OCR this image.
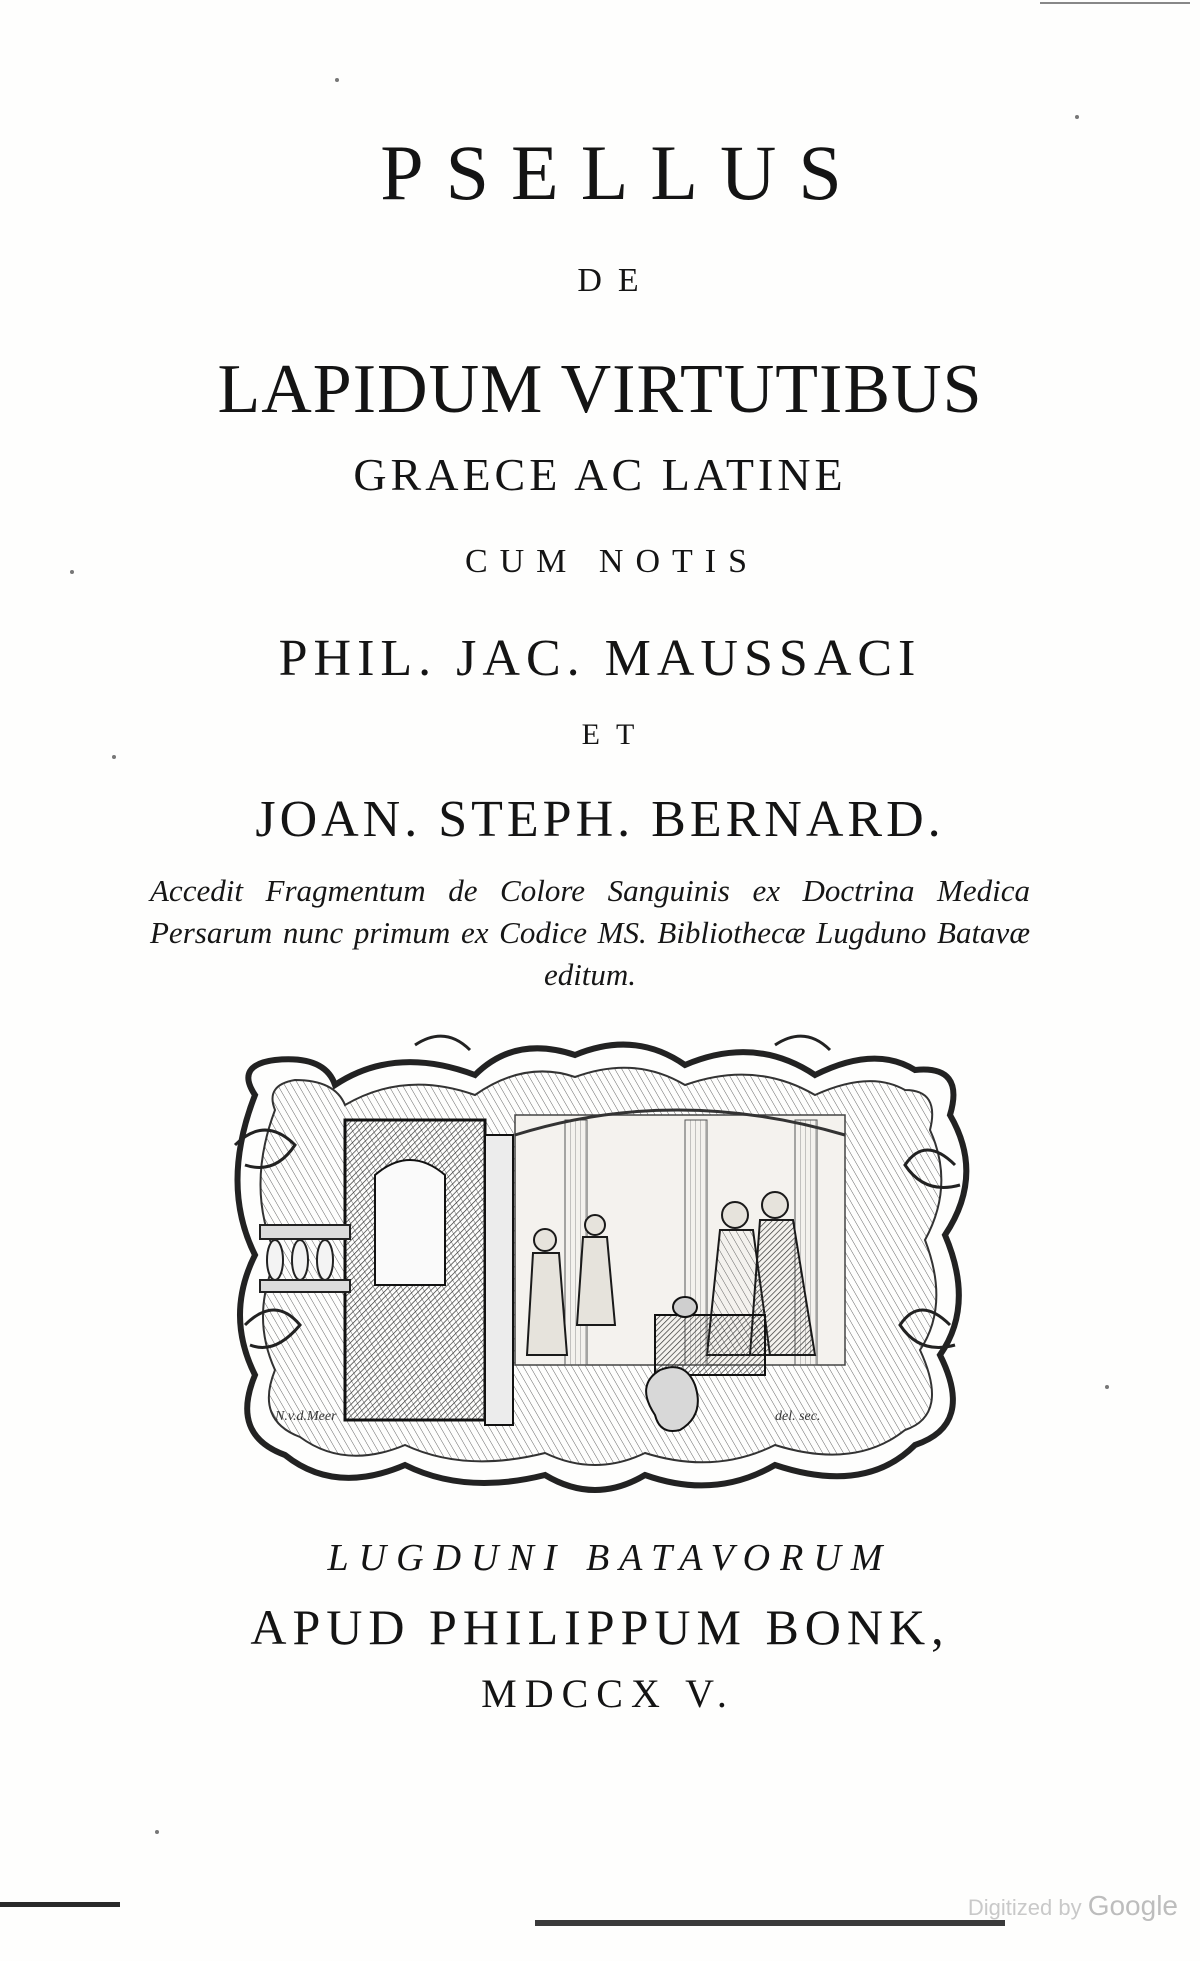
PSELLUS
DE
LAPIDUM VIRTUTIBUS
GRAECE AC LATINE
CUM NOTIS
PHIL. JAC. MAUSSACI
ET
JOAN. STEPH. BERNARD.
Accedit Fragmentum de Colore Sanguinis ex Doctrina Medica Persarum nunc primum ex Codice MS. Bibliothecæ Lugduno Batavæ editum.
N.v.d.Meer	del. sec.
LUGDUNI BATAVORUM
APUD PHILIPPUM BONK,
MDCCX V.
Digitized by Google
